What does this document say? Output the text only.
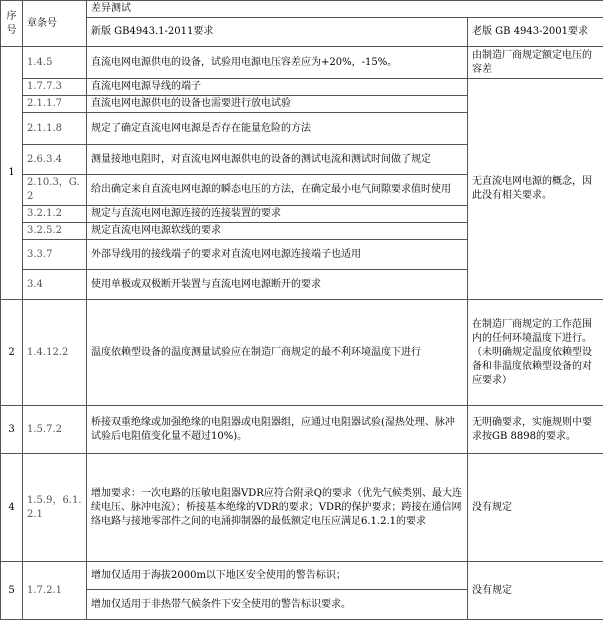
序号	章条号	差异测试	
		新版 GB4943.1-2011要求	老版 GB 4943-2001要求
1	1.4.5	直流电网电源供电的设备，试验用电源电压容差应为+20%，-15%。	由制造厂商规定额定电压的容差
	1.7.7.3	直流电网电源导线的端子	无直流电网电源的概念，因此没有相关要求。
	2.1.1.7	直流电网电源供电的设备也需要进行放电试验	
	2.1.1.8	规定了确定直流电网电源是否存在能量危险的方法	
	2.6.3.4	测量接地电阻时，对直流电网电源供电的设备的测试电流和测试时间做了规定	
	2.10.3，G.2	给出确定来自直流电网电源的瞬态电压的方法，在确定最小电气间隙要求值时使用	
	3.2.1.2	规定与直流电网电源连接的连接装置的要求	
	3.2.5.2	规定直流电网电源软线的要求	
	3.3.7	外部导线用的接线端子的要求对直流电网电源连接端子也适用	
	3.4	使用单极或双极断开装置与直流电网电源断开的要求	
2	1.4.12.2	温度依赖型设备的温度测量试验应在制造厂商规定的最不利环境温度下进行	在制造厂商规定的工作范围内的任何环境温度下进行。（未明确规定温度依赖型设备和非温度依赖型设备的对应要求）
3	1.5.7.2	桥接双重绝缘或加强绝缘的电阻器或电阻器组，应通过电阻器试验(湿热处理、脉冲试验后电阻值变化量不超过10%)。	无明确要求，实施规则中要求按GB 8898的要求。
4	1.5.9，6.1.2.1	增加要求：一次电路的压敏电阻器VDR应符合附录Q的要求（优先气候类别、最大连续电压、脉冲电流）；桥接基本绝缘的VDR的要求；VDR的保护要求；跨接在通信网络电路与接地零部件之间的电涌抑制器的最低额定电压应满足6.1.2.1的要求	没有规定
5	1.7.2.1	增加仅适用于海拔2000m以下地区安全使用的警告标识；	没有规定
		增加仅适用于非热带气候条件下安全使用的警告标识要求。	
